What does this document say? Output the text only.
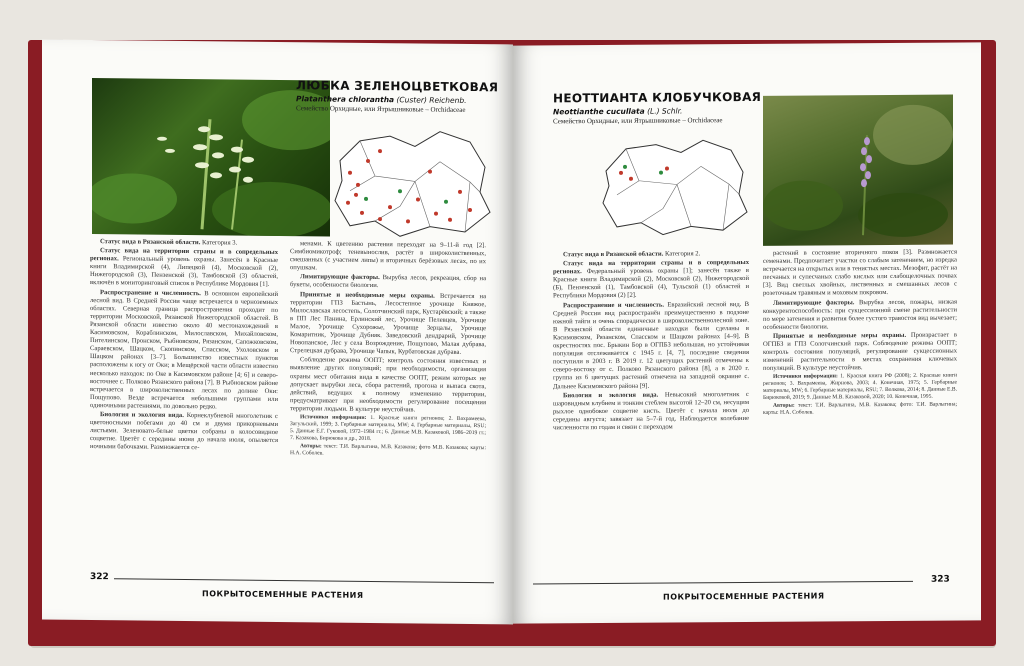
ЛЮБКА ЗЕЛЕНОЦВЕТКОВАЯ
Platanthera chlorantha (Custer) Reichenb.
Семейство Орхидные, или Ятрышниковые – Orchidaceae

Статус вида в Рязанской области. Категория 3.

Статус вида на территории страны и в сопредельных регионах. Региональный уровень охраны. Занесён в Красные книги Владимирской (4), Липецкой (4), Московской (2), Нижегородской (3), Пензенской (3), Тамбовской (3) областей, включён в мониторинговый список в Республике Мордовия [1].

Распространение и численность. В основном европейский лесной вид. В Средней России чаще встречается в черноземных областях. Северная граница распространения проходит по территории Московской, Рязанской Нижегородской областей. В Рязанской области известно около 40 местонахождений в Касимовском, Кораблинском, Милославском, Михайловском, Пителинском, Пронском, Рыбновском, Рязанском, Сапожковском, Сараевском, Шацком, Скопинском, Спасском, Ухоловском и Шацком районах [3–7]. Большинство известных пунктов расположены к югу от Оки; в Мещёрской части области известно несколько находок: по Оке в Касимовском районе [4; 6] и северо-восточнее с. Полково Рязанского района [7]. В Рыбновском районе встречается в широколиственных лесах по долине Оки: Пощупово. Везде встречается небольшими группами или одиночными растениями, по довольно редко.

Биология и экология вида. Корнеклубневой многолетник с цветоносными побегами до 40 см и двумя прикорневыми листьями. Зеленовато-белые цветки собраны в колосовидное соцветие. Цветёт с середины июня до начала июля, опыляется ночными бабочками. Размножается се-

менами. К цветению растения переходят на 9–11-й год [2]. Симбиомикотроф; теневынослив, растёт в широколиственных, смешанных (с участием липы) и вторичных берёзовых лесах, по их опушкам.

Лимитирующие факторы. Вырубка лесов, рекреация, сбор на букеты, особенности биологии.

Принятые и необходимые меры охраны. Встречается на территории ГПЗ Бастынь, Лесостепное урочище Княжое, Милославская лесостепь, Солотчинский парк, Кустарёвский; а также в ПП Лес Панина, Ерлинский лес, Урочище Пелевцев, Урочище Малое, Урочище Сухорожье, Урочище Зерцалы, Урочище Комаритник, Урочище Дубняк. Заведовский дендрарий, Урочище Новопанское, Лес у села Возрождение, Пощупово, Малая дубрава, Стрелецкая дубрава, Урочище Чапык, Курбатовская дубрава.

Соблюдение режима ООПТ; контроль состояния известных и выявление других популяций; при необходимости, организация охраны мест обитания вида в качестве ООПТ, режим которых не допускает вырубки леса, сбора растений, прогона и выпаса скота, действий, ведущих к полному изменению территории, предусматривает при необходимости регулирование посещения территории людьми. В культуре неустойчив.

Источники информации: 1. Красные книги регионов; 2. Вахрамеева, Загульский, 1999; 3. Гербарные материалы, MW; 4. Гербарные материалы, RSU; 5. Данные Е.Г. Гуковой, 1972–1984 гг.; 6. Данные М.В. Казаковой, 1986–2019 гг.; 7. Казакова, Бирюкова и др., 2018.

Авторы: текст: Т.И. Варлыгина, М.В. Казакова; фото М.В. Казакова; карты: Н.А. Соболев.

322
ПОКРЫТОСЕМЕННЫЕ РАСТЕНИЯ
НЕОТТИАНТА КЛОБУЧКОВАЯ
Neottianthe cucullata (L.) Schlr.
Семейство Орхидные, или Ятрышниковые – Orchidaceae

Статус вида в Рязанской области. Категория 2.

Статус вида на территории страны и в сопредельных регионах. Федеральный уровень охраны [1]; занесён также в Красные книги Владимирской (2), Московской (2), Нижегородской (Б), Пензенской (1), Тамбовской (4), Тульской (1) областей и Республики Мордовия (2) [2].

Распространение и численность. Евразийский лесной вид. В Средней России вид распространён преимущественно в подзоне южной тайги и очень спорадически в широколиственнолесной зоне. В Рязанской области единичные находки были сделаны в Касимовском, Рязанском, Спасском и Шацком районах [4–9]. В окрестностях пос. Брыкин Бор в ОГПБЗ небольшая, но устойчивая популяция отслеживается с 1945 г. [4, 7], последние сведения поступили в 2003 г. В 2019 г. 12 цветущих растений отмечены к северо-востоку от с. Полково Рязанского района [8], а в 2020 г. группа из 6 цветущих растений отмечена на западной окраине с. Дальнее Касимовского района [9].

Биология и экология вида. Невысокий многолетник с шаровидным клубнем и тонким стеблем высотой 12–20 см, несущим рыхлое однобокое соцветие кисть. Цветёт с начала июля до середины августа; завязает на 5–7-й год. Наблюдается колебание численности по годам и связи с переходом

растений в состояние вторичного покоя [3]. Размножается семенами. Предпочитает участки со слабым затенением, но изредка встречается на открытых или в тенистых местах. Мезофит, растёт на песчаных и супесчаных слабо кислых или слабощелочных почвах [3]. Вид светлых хвойных, лиственных и смешанных лесов с розеточным травяным и моховым покровом.

Лимитирующие факторы. Вырубка лесов, пожары, низкая конкурентоспособность: при сукцессионной смене растительности по мере затенения и развития более густого травостоя вид вычезает; особенности биологии.

Принятые и необходимые меры охраны. Произрастает в ОГПБЗ и ГПЗ Солотчинский парк. Соблюдение режима ООПТ; контроль состояния популяций, регулирование сукцессионных изменений растительности в местах сохранения ключевых популяций. В культуре неустойчив.

Источники информации: 1. Красная книга РФ (2008); 2. Красные книги регионов; 3. Вахрамеева, Жирнова, 2003; 4. Конечная, 1975; 5. Гербарные материалы, MW; 6. Гербарные материалы, RSU; 7. Волкова, 2014; 8. Данные Е.В. Бирюковой, 2019; 9. Данные М.В. Казаковой, 2020; 10. Конечная, 1995.

Авторы: текст: Т.И. Варлыгина, М.В. Казакова; фото: Т.И. Варлыгина; карты: Н.А. Соболев.

323
ПОКРЫТОСЕМЕННЫЕ РАСТЕНИЯ
